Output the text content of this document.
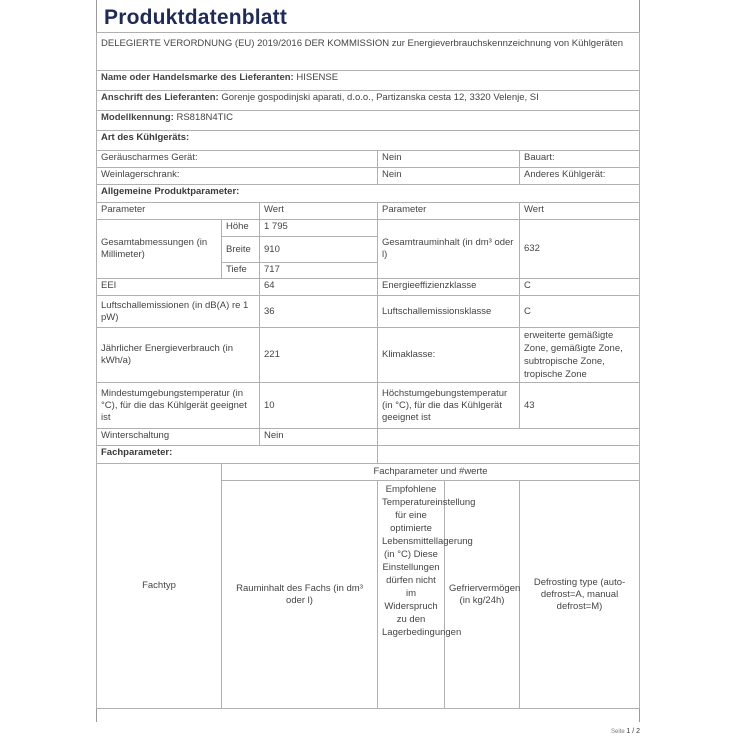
Produktdatenblatt
DELEGIERTE VERORDNUNG (EU) 2019/2016 DER KOMMISSION zur Energieverbrauchskennzeichnung von Kühlgeräten						
Name oder Handelsmarke des Lieferanten: HISENSE						
Anschrift des Lieferanten: Gorenje gospodinjski aparati, d.o.o., Partizanska cesta 12, 3320 Velenje, SI						
Modellkennung: RS818N4TIC						
Art des Kühlgeräts:						
Geräuscharmes Gerät:			Nein		Bauart:	
Weinlagerschrank:			Nein		Anderes Kühlgerät:	
Allgemeine Produktparameter:						
Parameter		Wert	Parameter		Wert	
Gesamtabmessungen (in Millimeter)	Höhe	1 795	Gesamtrauminhalt (in dm³ oder l)		632	
	Breite	910				
	Tiefe	717				
EEI		64	Energieeffizienzklasse		C	
Luftschallemissionen (in dB(A) re 1 pW)		36	Luftschallemissionsklasse		C	
Jährlicher Energieverbrauch (in kWh/a)		221	Klimaklasse:		erweiterte gemäßigte Zone, gemäßigte Zone, subtropische Zone, tropische Zone	
Mindestumgebungstemperatur (in °C), für die das Kühlgerät geeignet ist		10	Höchstumgebungstemperatur (in °C), für die das Kühlgerät geeignet ist		43	
Winterschaltung		Nein				
Fachparameter:						
Fachtyp	Fachparameter und #werte					
	Rauminhalt des Fachs (in dm³ oder l)		Empfohlene Temperatureinstellung für eine optimierte Lebensmittellagerung (in °C) Diese Einstellungen dürfen nicht im Widerspruch zu den Lagerbedingungen	Gefriervermögen (in kg/24h)	Defrosting type (auto-defrost=A, manual defrost=M)	
Seite 1 / 2
